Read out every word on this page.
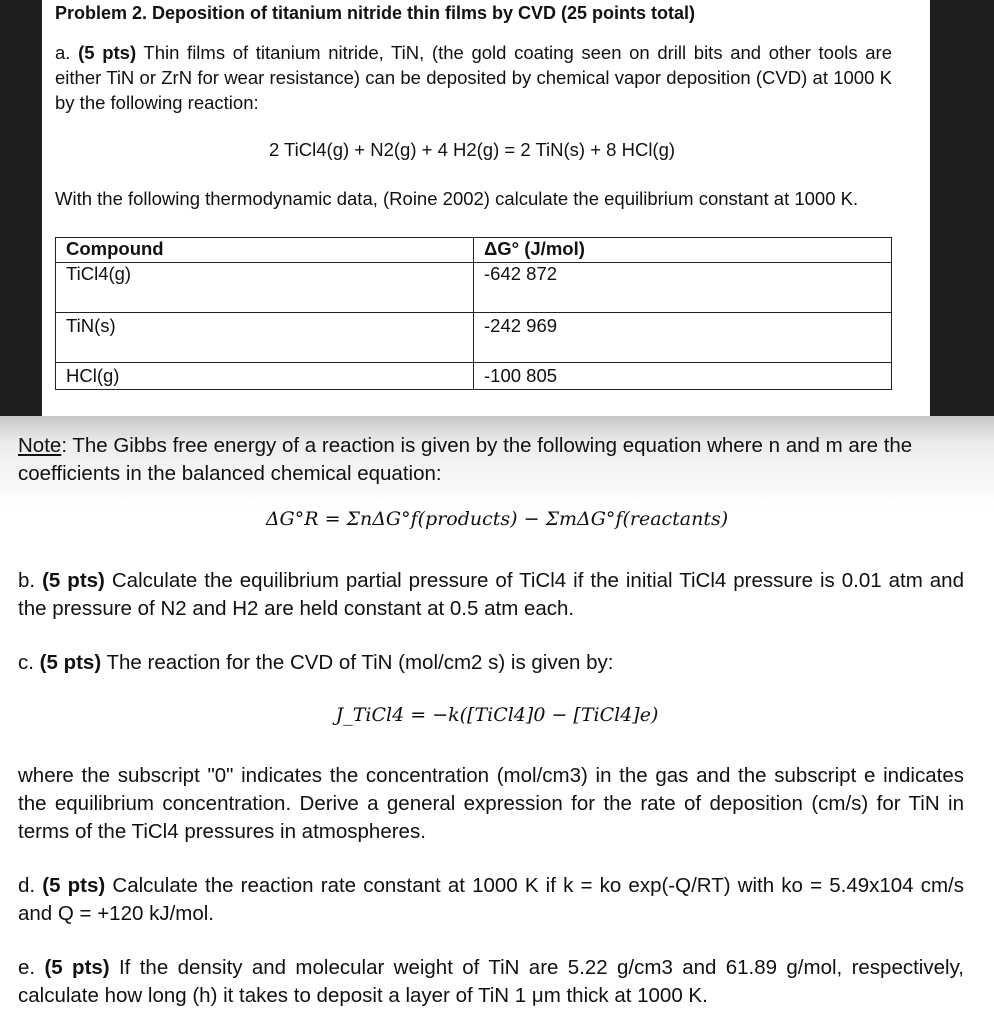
Problem 2. Deposition of titanium nitride thin films by CVD (25 points total)
a. (5 pts) Thin films of titanium nitride, TiN, (the gold coating seen on drill bits and other tools are either TiN or ZrN for wear resistance) can be deposited by chemical vapor deposition (CVD) at 1000 K by the following reaction:
2 TiCl4(g) + N2(g) + 4 H2(g) = 2 TiN(s) + 8 HCl(g)
With the following thermodynamic data, (Roine 2002) calculate the equilibrium constant at 1000 K.
Compound	ΔG° (J/mol)
TiCl4(g)	-642 872
TiN(s)	-242 969
HCl(g)	-100 805
Note: The Gibbs free energy of a reaction is given by the following equation where n and m are the coefficients in the balanced chemical equation:
ΔG°R = ΣnΔG°f(products) − ΣmΔG°f(reactants)
b. (5 pts) Calculate the equilibrium partial pressure of TiCl4 if the initial TiCl4 pressure is 0.01 atm and the pressure of N2 and H2 are held constant at 0.5 atm each.
c. (5 pts) The reaction for the CVD of TiN (mol/cm2 s) is given by:
J_TiCl4 = −k([TiCl4]0 − [TiCl4]e)
where the subscript "0" indicates the concentration (mol/cm3) in the gas and the subscript e indicates the equilibrium concentration. Derive a general expression for the rate of deposition (cm/s) for TiN in terms of the TiCl4 pressures in atmospheres.
d. (5 pts) Calculate the reaction rate constant at 1000 K if k = ko exp(-Q/RT) with ko = 5.49x104 cm/s and Q = +120 kJ/mol.
e. (5 pts) If the density and molecular weight of TiN are 5.22 g/cm3 and 61.89 g/mol, respectively, calculate how long (h) it takes to deposit a layer of TiN 1 μm thick at 1000 K.
